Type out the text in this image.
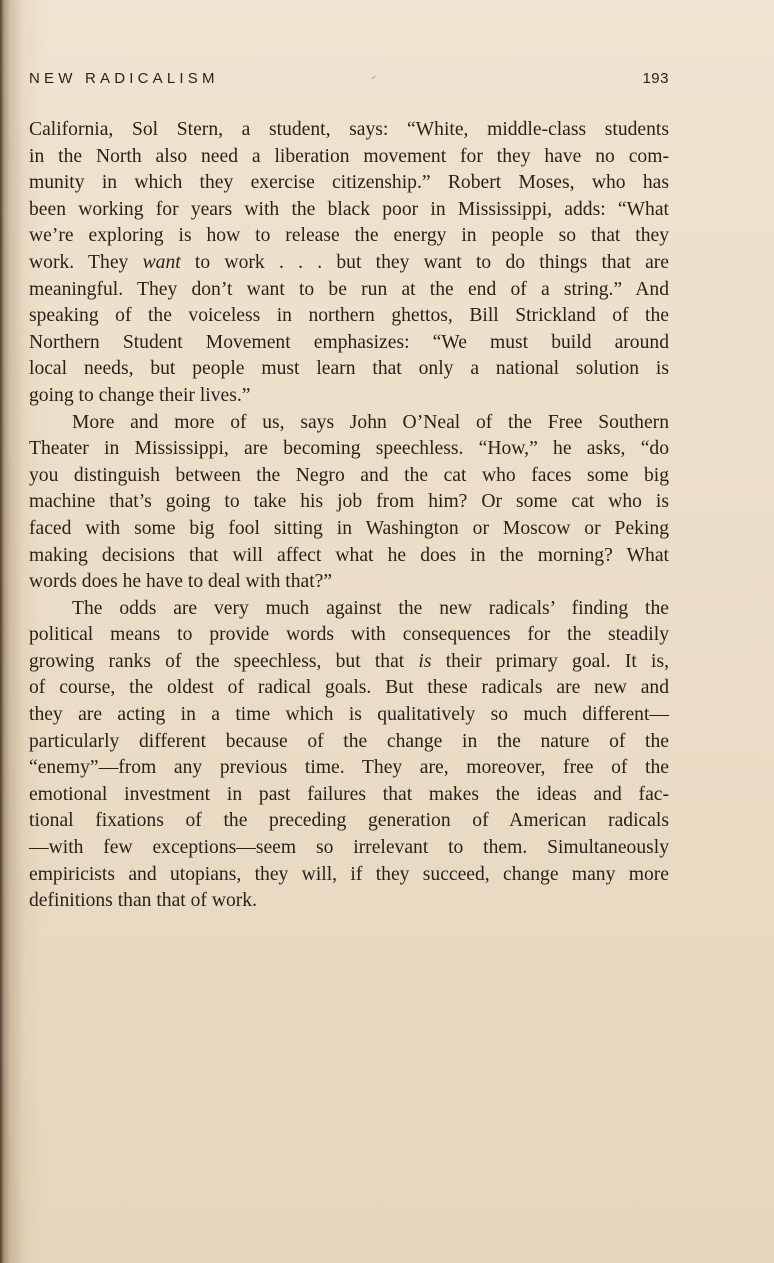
NEW RADICALISM	193
California, Sol Stern, a student, says: “White, middle-class students
in the North also need a liberation movement for they have no com-
munity in which they exercise citizenship.” Robert Moses, who has
been working for years with the black poor in Mississippi, adds: “What
we’re exploring is how to release the energy in people so that they
work. They want to work . . . but they want to do things that are
meaningful. They don’t want to be run at the end of a string.” And
speaking of the voiceless in northern ghettos, Bill Strickland of the
Northern Student Movement emphasizes: “We must build around
local needs, but people must learn that only a national solution is
going to change their lives.”
More and more of us, says John O’Neal of the Free Southern
Theater in Mississippi, are becoming speechless. “How,” he asks, “do
you distinguish between the Negro and the cat who faces some big
machine that’s going to take his job from him? Or some cat who is
faced with some big fool sitting in Washington or Moscow or Peking
making decisions that will affect what he does in the morning? What
words does he have to deal with that?”
The odds are very much against the new radicals’ finding the
political means to provide words with consequences for the steadily
growing ranks of the speechless, but that is their primary goal. It is,
of course, the oldest of radical goals. But these radicals are new and
they are acting in a time which is qualitatively so much different—
particularly different because of the change in the nature of the
“enemy”—from any previous time. They are, moreover, free of the
emotional investment in past failures that makes the ideas and fac-
tional fixations of the preceding generation of American radicals
—with few exceptions—seem so irrelevant to them. Simultaneously
empiricists and utopians, they will, if they succeed, change many more
definitions than that of work.
